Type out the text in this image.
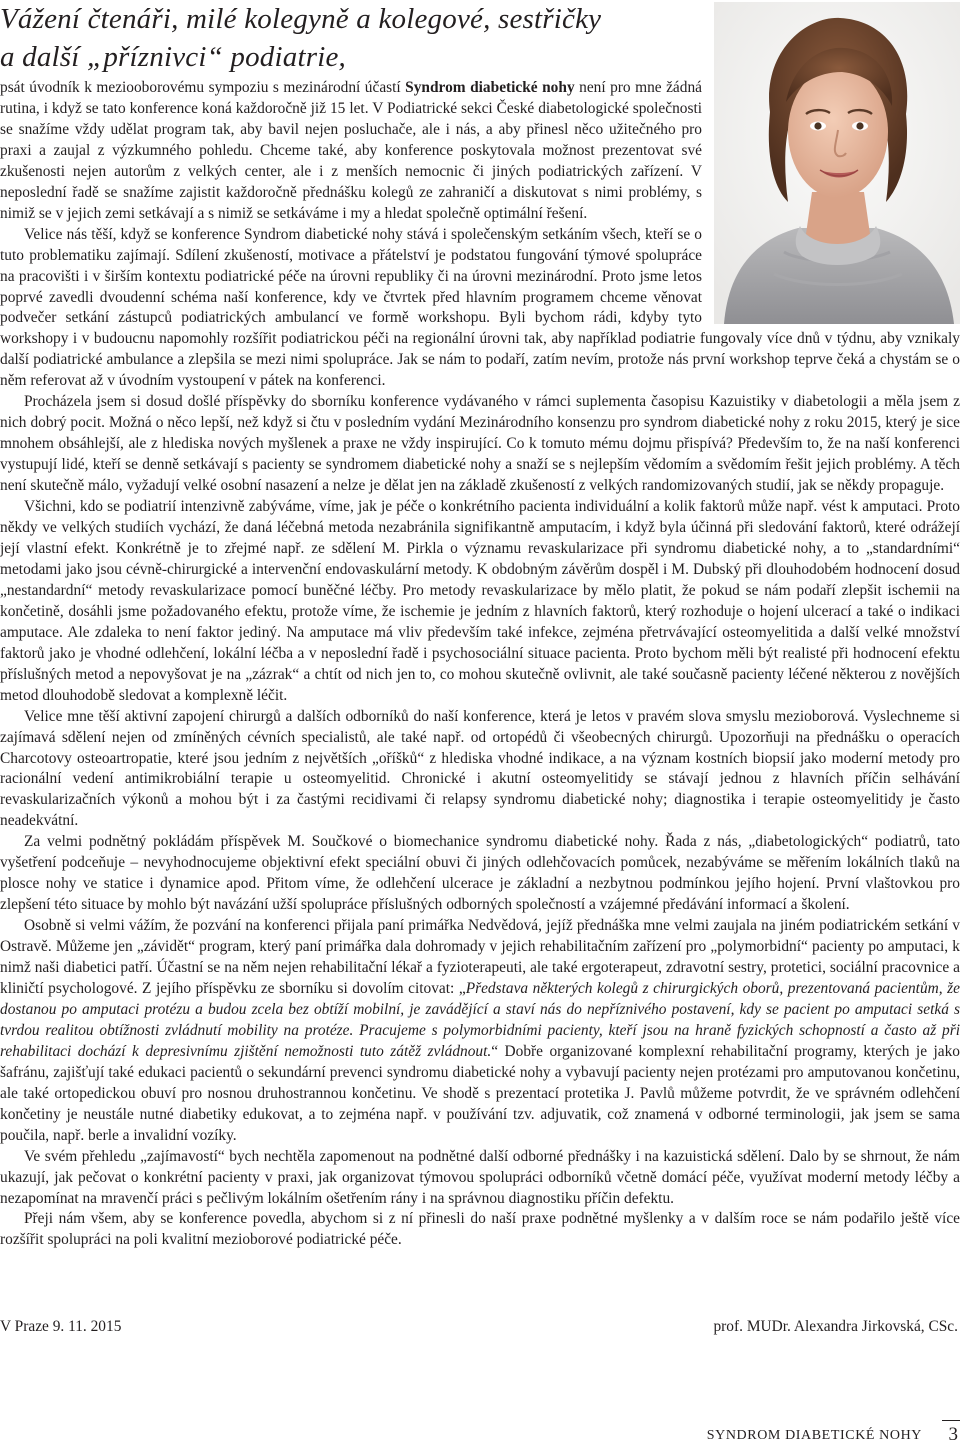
Vážení čtenáři, milé kolegyně a kolegové, sestřičky
a další „příznivci“ podiatrie,

psát úvodník k meziooborovému sympoziu s mezinárodní účastí Syndrom diabetické nohy není pro mne žádná rutina, i když se tato konference koná každoročně již 15 let. V Podiatrické sekci České diabetologické společnosti se snažíme vždy udělat program tak, aby bavil nejen posluchače, ale i nás, a aby přinesl něco užitečného pro praxi a zaujal z výzkumného pohledu. Chceme také, aby konference poskytovala možnost prezentovat své zkušenosti nejen autorům z velkých center, ale i z menších nemocnic či jiných podiatrických zařízení. V neposlední řadě se snažíme zajistit každoročně přednášku kolegů ze zahraničí a diskutovat s nimi problémy, s nimiž se v jejich zemi setkávají a s nimiž se setkáváme i my a hledat společně optimální řešení.

Velice nás těší, když se konference Syndrom diabetické nohy stává i společenským setkáním všech, kteří se o tuto problematiku zajímají. Sdílení zkušeností, motivace a přátelství je podstatou fungování týmové spolupráce na pracovišti i v širším kontextu podiatrické péče na úrovni republiky či na úrovni mezinárodní. Proto jsme letos poprvé zavedli dvoudenní schéma naší konference, kdy ve čtvrtek před hlavním programem chceme věnovat podvečer setkání zástupců podiatrických ambulancí ve formě workshopu. Byli bychom rádi, kdyby tyto workshopy i v budoucnu napomohly rozšířit podiatrickou péči na regionální úrovni tak, aby například podiatrie fungovaly více dnů v týdnu, aby vznikaly další podiatrické ambulance a zlepšila se mezi nimi spolupráce. Jak se nám to podaří, zatím nevím, protože nás první workshop teprve čeká a chystám se o něm referovat až v úvodním vystoupení v pátek na konferenci.

Procházela jsem si dosud došlé příspěvky do sborníku konference vydávaného v rámci suplementa časopisu Kazuistiky v diabetologii a měla jsem z nich dobrý pocit. Možná o něco lepší, než když si čtu v posledním vydání Mezinárodního konsenzu pro syndrom diabetické nohy z roku 2015, který je sice mnohem obsáhlejší, ale z hlediska nových myšlenek a praxe ne vždy inspirující. Co k tomuto mému dojmu přispívá? Především to, že na naší konferenci vystupují lidé, kteří se denně setkávají s pacienty se syndromem diabetické nohy a snaží se s nejlepším vědomím a svědomím řešit jejich problémy. A těch není skutečně málo, vyžadují velké osobní nasazení a nelze je dělat jen na základě zkušeností z velkých randomizovaných studií, jak se někdy propaguje.

Všichni, kdo se podiatrií intenzivně zabýváme, víme, jak je péče o konkrétního pacienta individuální a kolik faktorů může např. vést k amputaci. Proto někdy ve velkých studiích vychází, že daná léčebná metoda nezabránila signifikantně amputacím, i když byla účinná při sledování faktorů, které odrážejí její vlastní efekt. Konkrétně je to zřejmé např. ze sdělení M. Pirkla o významu revaskularizace při syndromu diabetické nohy, a to „standardními“ metodami jako jsou cévně-chirurgické a intervenční endovaskulární metody. K obdobným závěrům dospěl i M. Dubský při dlouhodobém hodnocení dosud „nestandardní“ metody revaskularizace pomocí buněčné léčby. Pro metody revaskularizace by mělo platit, že pokud se nám podaří zlepšit ischemii na končetině, dosáhli jsme požadovaného efektu, protože víme, že ischemie je jedním z hlavních faktorů, který rozhoduje o hojení ulcerací a také o indikaci amputace. Ale zdaleka to není faktor jediný. Na amputace má vliv především také infekce, zejména přetrvávající osteomyelitida a další velké množství faktorů jako je vhodné odlehčení, lokální léčba a v neposlední řadě i psychosociální situace pacienta. Proto bychom měli být realisté při hodnocení efektu příslušných metod a nepovyšovat je na „zázrak“ a chtít od nich jen to, co mohou skutečně ovlivnit, ale také současně pacienty léčené některou z novějších metod dlouhodobě sledovat a komplexně léčit.

Velice mne těší aktivní zapojení chirurgů a dalších odborníků do naší konference, která je letos v pravém slova smyslu mezioborová. Vyslechneme si zajímavá sdělení nejen od zmíněných cévních specialistů, ale také např. od ortopédů či všeobecných chirurgů. Upozorňuji na přednášku o operacích Charcotovy osteoartropatie, které jsou jedním z největších „oříšků“ z hlediska vhodné indikace, a na význam kostních biopsií jako moderní metody pro racionální vedení antimikrobiální terapie u osteomyelitid. Chronické i akutní osteomyelitidy se stávají jednou z hlavních příčin selhávání revaskularizačních výkonů a mohou být i za častými recidivami či relapsy syndromu diabetické nohy; diagnostika i terapie osteomyelitidy je často neadekvátní.

Za velmi podnětný pokládám příspěvek M. Součkové o biomechanice syndromu diabetické nohy. Řada z nás, „diabetologických“ podiatrů, tato vyšetření podceňuje – nevyhodnocujeme objektivní efekt speciální obuvi či jiných odlehčovacích pomůcek, nezabýváme se měřením lokálních tlaků na plosce nohy ve statice i dynamice apod. Přitom víme, že odlehčení ulcerace je základní a nezbytnou podmínkou jejího hojení. První vlaštovkou pro zlepšení této situace by mohlo být navázání užší spolupráce příslušných odborných společností a vzájemné předávání informací a školení.

Osobně si velmi vážím, že pozvání na konferenci přijala paní primářka Nedvědová, jejíž přednáška mne velmi zaujala na jiném podiatrickém setkání v Ostravě. Můžeme jen „závidět“ program, který paní primářka dala dohromady v jejich rehabilitačním zařízení pro „polymorbidní“ pacienty po amputaci, k nimž naši diabetici patří. Účastní se na něm nejen rehabilitační lékař a fyzioterapeuti, ale také ergoterapeut, zdravotní sestry, protetici, sociální pracovnice a kliničtí psychologové. Z jejího příspěvku ze sborníku si dovolím citovat: „Představa některých kolegů z chirurgických oborů, prezentovaná pacientům, že dostanou po amputaci protézu a budou zcela bez obtíží mobilní, je zavádějící a staví nás do nepříznivého postavení, kdy se pacient po amputaci setká s tvrdou realitou obtížnosti zvládnutí mobility na protéze. Pracujeme s polymorbidními pacienty, kteří jsou na hraně fyzických schopností a často až při rehabilitaci dochází k depresivnímu zjištění nemožnosti tuto zátěž zvládnout.“ Dobře organizované komplexní rehabilitační programy, kterých je jako šafránu, zajišťují také edukaci pacientů o sekundární prevenci syndromu diabetické nohy a vybavují pacienty nejen protézami pro amputovanou končetinu, ale také ortopedickou obuví pro nosnou druhostrannou končetinu. Ve shodě s prezentací protetika J. Pavlů můžeme potvrdit, že ve správném odlehčení končetiny je neustále nutné diabetiky edukovat, a to zejména např. v používání tzv. adjuvatik, což znamená v odborné terminologii, jak jsem se sama poučila, např. berle a invalidní vozíky.

Ve svém přehledu „zajímavostí“ bych nechtěla zapomenout na podnětné další odborné přednášky i na kazuistická sdělení. Dalo by se shrnout, že nám ukazují, jak pečovat o konkrétní pacienty v praxi, jak organizovat týmovou spolupráci odborníků včetně domácí péče, využívat moderní metody léčby a nezapomínat na mravenčí práci s pečlivým lokálním ošetřením rány i na správnou diagnostiku příčin defektu.

Přeji nám všem, aby se konference povedla, abychom si z ní přinesli do naší praxe podnětné myšlenky a v dalším roce se nám podařilo ještě více rozšířit spolupráci na poli kvalitní mezioborové podiatrické péče.

V Praze 9. 11. 2015	prof. MUDr. Alexandra Jirkovská, CSc.
SYNDROM DIABETICKÉ NOHY 3
